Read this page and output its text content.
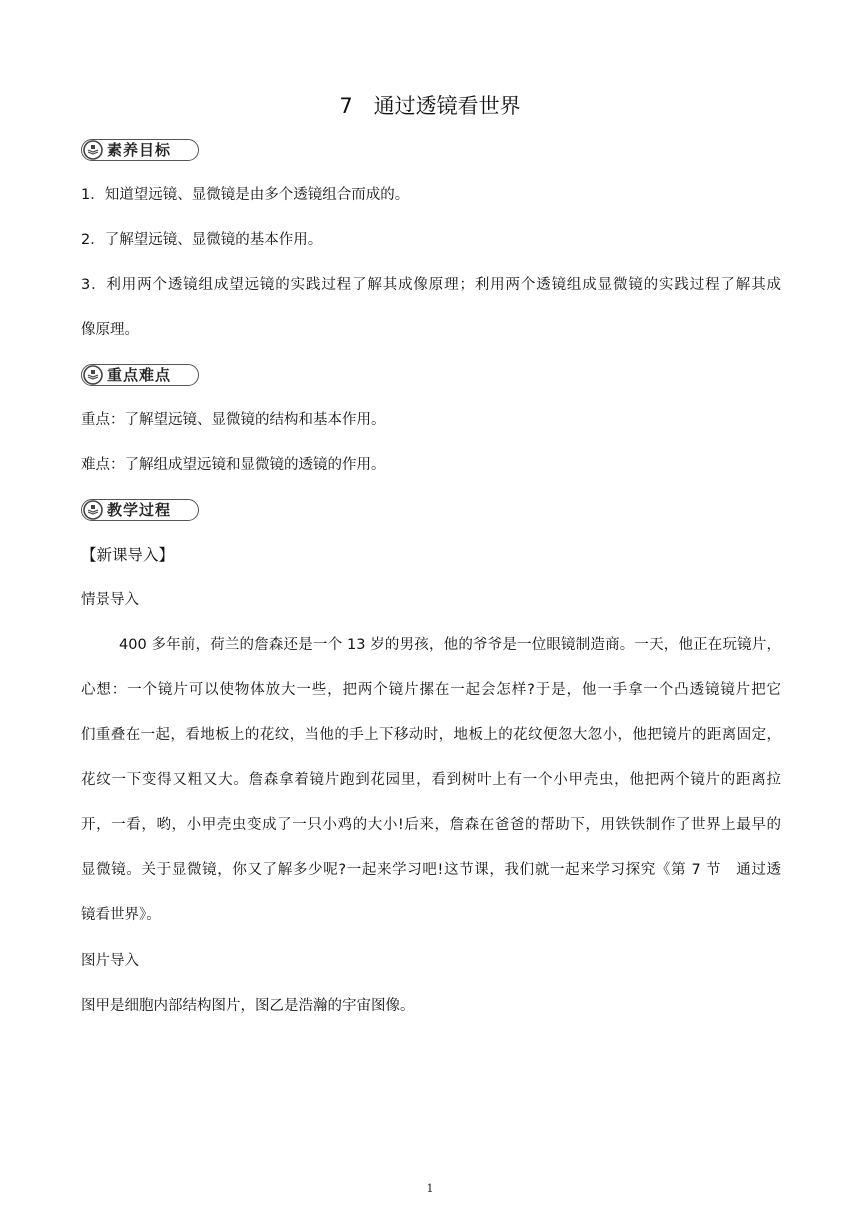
7　通过透镜看世界
素养目标
1．知道望远镜、显微镜是由多个透镜组合而成的。
2．了解望远镜、显微镜的基本作用。
3．利用两个透镜组成望远镜的实践过程了解其成像原理；利用两个透镜组成显微镜的实践过程了解其成
像原理。
重点难点
重点：了解望远镜、显微镜的结构和基本作用。
难点：了解组成望远镜和显微镜的透镜的作用。
教学过程
【新课导入】
情景导入
400 多年前，荷兰的詹森还是一个 13 岁的男孩，他的爷爷是一位眼镜制造商。一天，他正在玩镜片，
心想：一个镜片可以使物体放大一些，把两个镜片摞在一起会怎样?于是，他一手拿一个凸透镜镜片把它
们重叠在一起，看地板上的花纹，当他的手上下移动时，地板上的花纹便忽大忽小，他把镜片的距离固定，
花纹一下变得又粗又大。詹森拿着镜片跑到花园里，看到树叶上有一个小甲壳虫，他把两个镜片的距离拉
开，一看，哟，小甲壳虫变成了一只小鸡的大小!后来，詹森在爸爸的帮助下，用铁铁制作了世界上最早的
显微镜。关于显微镜，你又了解多少呢?一起来学习吧!这节课，我们就一起来学习探究《第 7 节　通过透
镜看世界》。
图片导入
图甲是细胞内部结构图片，图乙是浩瀚的宇宙图像。
1
